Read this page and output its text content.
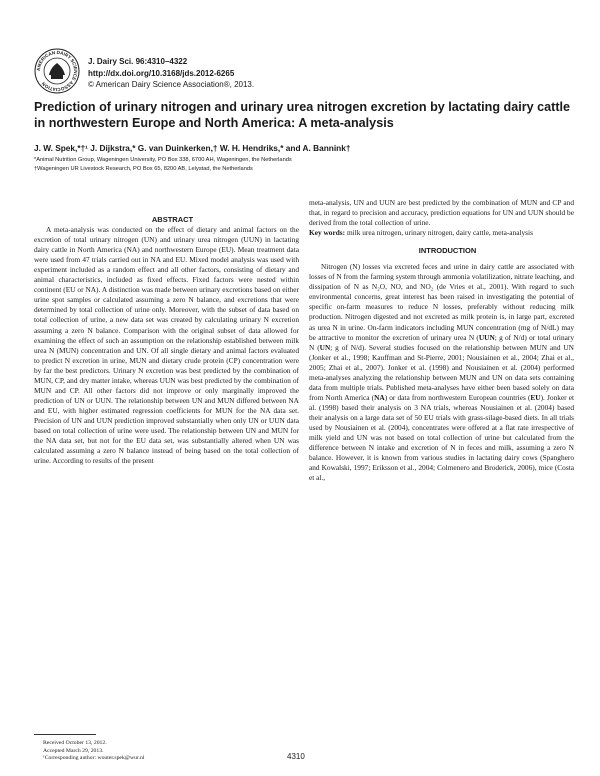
AMERICAN DAIRY SCIENCE ASSOCIATION
J. Dairy Sci. 96:4310–4322
http://dx.doi.org/10.3168/jds.2012-6265
© American Dairy Science Association®, 2013.
Prediction of urinary nitrogen and urinary urea nitrogen excretion by lactating dairy cattle in northwestern Europe and North America: A meta-analysis
J. W. Spek,*†¹ J. Dijkstra,* G. van Duinkerken,† W. H. Hendriks,* and A. Bannink†
*Animal Nutrition Group, Wageningen University, PO Box 338, 6700 AH, Wageningen, the Netherlands
†Wageningen UR Livestock Research, PO Box 65, 8200 AB, Lelystad, the Netherlands

ABSTRACT

A meta-analysis was conducted on the effect of dietary and animal factors on the excretion of total urinary nitrogen (UN) and urinary urea nitrogen (UUN) in lactating dairy cattle in North America (NA) and northwestern Europe (EU). Mean treatment data were used from 47 trials carried out in NA and EU. Mixed model analysis was used with experiment included as a random effect and all other factors, consisting of dietary and animal characteristics, included as fixed effects. Fixed factors were nested within continent (EU or NA). A distinction was made between urinary excretions based on either urine spot samples or calculated assuming a zero N balance, and excretions that were determined by total collection of urine only. Moreover, with the subset of data based on total collection of urine, a new data set was created by calculating urinary N excretion assuming a zero N balance. Comparison with the original subset of data allowed for examining the effect of such an assumption on the relationship established between milk urea N (MUN) concentration and UN. Of all single dietary and animal factors evaluated to predict N excretion in urine, MUN and dietary crude protein (CP) concentration were by far the best predictors. Urinary N excretion was best predicted by the combination of MUN, CP, and dry matter intake, whereas UUN was best predicted by the combination of MUN and CP. All other factors did not improve or only marginally improved the prediction of UN or UUN. The relationship between UN and MUN differed between NA and EU, with higher estimated regression coefficients for MUN for the NA data set. Precision of UN and UUN prediction improved substantially when only UN or UUN data based on total collection of urine were used. The relationship between UN and MUN for the NA data set, but not for the EU data set, was substantially altered when UN was calculated assuming a zero N balance instead of being based on the total collection of urine. According to results of the present

meta-analysis, UN and UUN are best predicted by the combination of MUN and CP and that, in regard to precision and accuracy, prediction equations for UN and UUN should be derived from the total collection of urine.

Key words: milk urea nitrogen, urinary nitrogen, dairy cattle, meta-analysis

INTRODUCTION

Nitrogen (N) losses via excreted feces and urine in dairy cattle are associated with losses of N from the farming system through ammonia volatilization, nitrate leaching, and dissipation of N as N₂O, NO, and NO₂ (de Vries et al., 2001). With regard to such environmental concerns, great interest has been raised in investigating the potential of specific on-farm measures to reduce N losses, preferably without reducing milk production. Nitrogen digested and not excreted as milk protein is, in large part, excreted as urea N in urine. On-farm indicators including MUN concentration (mg of N/dL) may be attractive to monitor the excretion of urinary urea N (UUN; g of N/d) or total urinary N (UN; g of N/d). Several studies focused on the relationship between MUN and UN (Jonker et al., 1998; Kauffman and St-Pierre, 2001; Nousiainen et al., 2004; Zhai et al., 2005; Zhai et al., 2007). Jonker et al. (1998) and Nousiainen et al. (2004) performed meta-analyses analyzing the relationship between MUN and UN on data sets containing data from multiple trials. Published meta-analyses have either been based solely on data from North America (NA) or data from northwestern European countries (EU). Jonker et al. (1998) based their analysis on 3 NA trials, whereas Nousiainen et al. (2004) based their analysis on a large data set of 50 EU trials with grass-silage-based diets. In all trials used by Nousiainen et al. (2004), concentrates were offered at a flat rate irrespective of milk yield and UN was not based on total collection of urine but calculated from the difference between N intake and excretion of N in feces and milk, assuming a zero N balance. However, it is known from various studies in lactating dairy cows (Spanghero and Kowalski, 1997; Eriksson et al., 2004; Colmenero and Broderick, 2006), mice (Costa et al.,

Received October 13, 2012.
Accepted March 29, 2013.
¹Corresponding author: wouter.spek@wur.nl	4310
